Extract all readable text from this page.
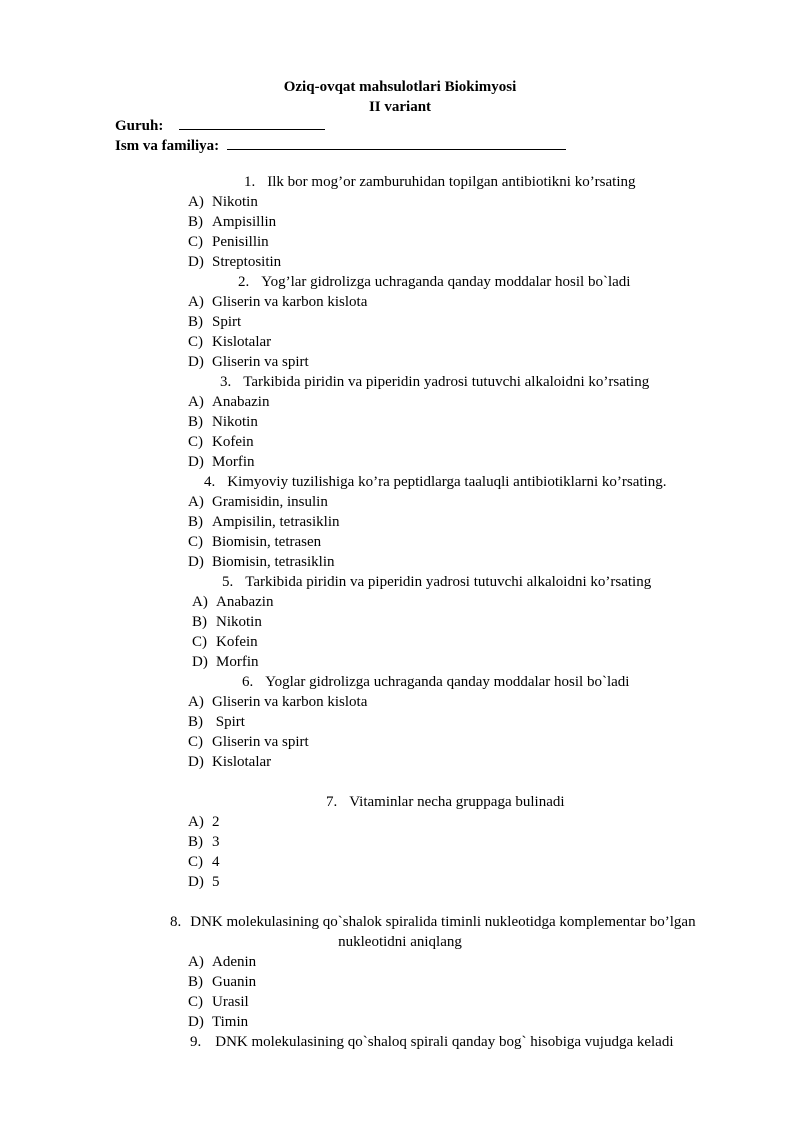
Oziq-ovqat mahsulotlari Biokimyosi
II variant
Guruh:
Ism va familiya:
1. Ilk bor mog’or zamburuhidan topilgan antibiotikni ko’rsating
A) Nikotin
B) Ampisillin
C) Penisillin
D) Streptositin
2. Yog’lar gidrolizga uchraganda qanday moddalar hosil bo`ladi
A) Gliserin va karbon kislota
B) Spirt
C) Kislotalar
D) Gliserin va spirt
3. Tarkibida piridin va piperidin yadrosi tutuvchi alkaloidni ko’rsating
A) Anabazin
B) Nikotin
C) Kofein
D) Morfin
4. Kimyoviy tuzilishiga ko’ra peptidlarga taaluqli antibiotiklarni ko’rsating.
A) Gramisidin, insulin
B) Ampisilin, tetrasiklin
C) Biomisin, tetrasen
D) Biomisin, tetrasiklin
5. Tarkibida piridin va piperidin yadrosi tutuvchi alkaloidni ko’rsating
A) Anabazin
B) Nikotin
C) Kofein
D) Morfin
6. Yoglar gidrolizga uchraganda qanday moddalar hosil bo`ladi
A) Gliserin va karbon kislota
B) Spirt
C) Gliserin va spirt
D) Kislotalar
7. Vitaminlar necha gruppaga bulinadi
A) 2
B) 3
C) 4
D) 5
8. DNK molekulasining qo`shalok spiralida timinli nukleotidga komplementar bo’lgan
nukleotidni aniqlang
A) Adenin
B) Guanin
C) Urasil
D) Timin
9. DNK molekulasining qo`shaloq spirali qanday bog` hisobiga vujudga keladi
